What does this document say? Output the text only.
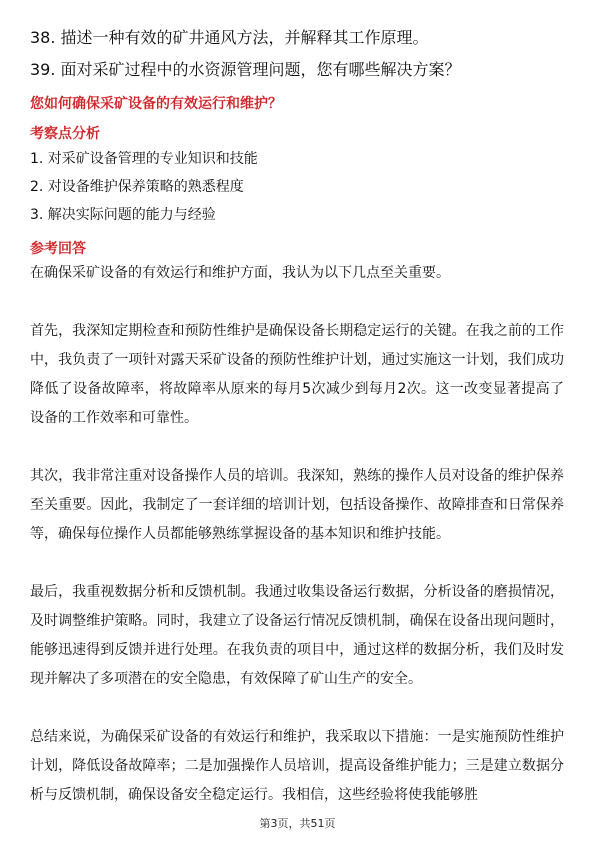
38. 描述一种有效的矿井通风方法，并解释其工作原理。
39. 面对采矿过程中的水资源管理问题，您有哪些解决方案？
您如何确保采矿设备的有效运行和维护？
考察点分析
1. 对采矿设备管理的专业知识和技能
2. 对设备维护保养策略的熟悉程度
3. 解决实际问题的能力与经验
参考回答

在确保采矿设备的有效运行和维护方面，我认为以下几点至关重要。

首先，我深知定期检查和预防性维护是确保设备长期稳定运行的关键。在我之前的工作中，我负责了一项针对露天采矿设备的预防性维护计划，通过实施这一计划，我们成功降低了设备故障率，将故障率从原来的每月5次减少到每月2次。这一改变显著提高了设备的工作效率和可靠性。

其次，我非常注重对设备操作人员的培训。我深知，熟练的操作人员对设备的维护保养至关重要。因此，我制定了一套详细的培训计划，包括设备操作、故障排查和日常保养等，确保每位操作人员都能够熟练掌握设备的基本知识和维护技能。

最后，我重视数据分析和反馈机制。我通过收集设备运行数据，分析设备的磨损情况，及时调整维护策略。同时，我建立了设备运行情况反馈机制，确保在设备出现问题时，能够迅速得到反馈并进行处理。在我负责的项目中，通过这样的数据分析，我们及时发现并解决了多项潜在的安全隐患，有效保障了矿山生产的安全。

总结来说，为确保采矿设备的有效运行和维护，我采取以下措施：一是实施预防性维护计划，降低设备故障率；二是加强操作人员培训，提高设备维护能力；三是建立数据分析与反馈机制，确保设备安全稳定运行。我相信，这些经验将使我能够胜

第3页，共51页
